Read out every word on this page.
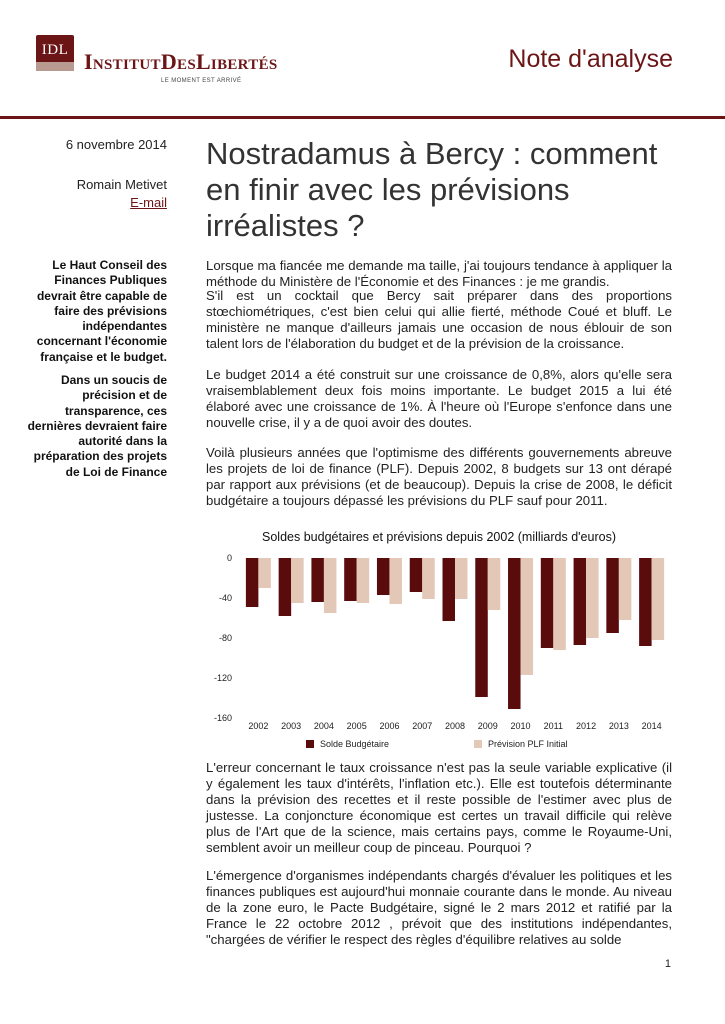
IDL InstitutDesLibertés
LE MOMENT EST ARRIVÉ
Note d'analyse
6 novembre 2014
Romain Metivet
E-mail
Le Haut Conseil des Finances Publiques devrait être capable de faire des prévisions indépendantes concernant l'économie française et le budget.
Dans un soucis de précision et de transparence, ces dernières devraient faire autorité dans la préparation des projets de Loi de Finance
Nostradamus à Bercy : comment en finir avec les prévisions irréalistes ?

Lorsque ma fiancée me demande ma taille, j'ai toujours tendance à appliquer la méthode du Ministère de l'Économie et des Finances : je me grandis.

S'il est un cocktail que Bercy sait préparer dans des proportions stœchiométriques, c'est bien celui qui allie fierté, méthode Coué et bluff. Le ministère ne manque d'ailleurs jamais une occasion de nous éblouir de son talent lors de l'élaboration du budget et de la prévision de la croissance.

Le budget 2014 a été construit sur une croissance de 0,8%, alors qu'elle sera vraisemblablement deux fois moins importante. Le budget 2015 a lui été élaboré avec une croissance de 1%. À l'heure où l'Europe s'enfonce dans une nouvelle crise, il y a de quoi avoir des doutes.

Voilà plusieurs années que l'optimisme des différents gouvernements abreuve les projets de loi de finance (PLF). Depuis 2002, 8 budgets sur 13 ont dérapé par rapport aux prévisions (et de beaucoup). Depuis la crise de 2008, le déficit budgétaire a toujours dépassé les prévisions du PLF sauf pour 2011.

Soldes budgétaires et prévisions depuis 2002 (milliards d'euros)
0
-40
-80
-120
-160
2002 2003 2004 2005 2006 2007 2008 2009 2010 2011 2012 2013 2014
Solde Budgétaire	Prévision PLF Initial

L'erreur concernant le taux croissance n'est pas la seule variable explicative (il y également les taux d'intérêts, l'inflation etc.). Elle est toutefois déterminante dans la prévision des recettes et il reste possible de l'estimer avec plus de justesse. La conjoncture économique est certes un travail difficile qui relève plus de l'Art que de la science, mais certains pays, comme le Royaume-Uni, semblent avoir un meilleur coup de pinceau. Pourquoi ?

L'émergence d'organismes indépendants chargés d'évaluer les politiques et les finances publiques est aujourd'hui monnaie courante dans le monde. Au niveau de la zone euro, le Pacte Budgétaire, signé le 2 mars 2012 et ratifié par la France le 22 octobre 2012 , prévoit que des institutions indépendantes, "chargées de vérifier le respect des règles d'équilibre relatives au solde

1
